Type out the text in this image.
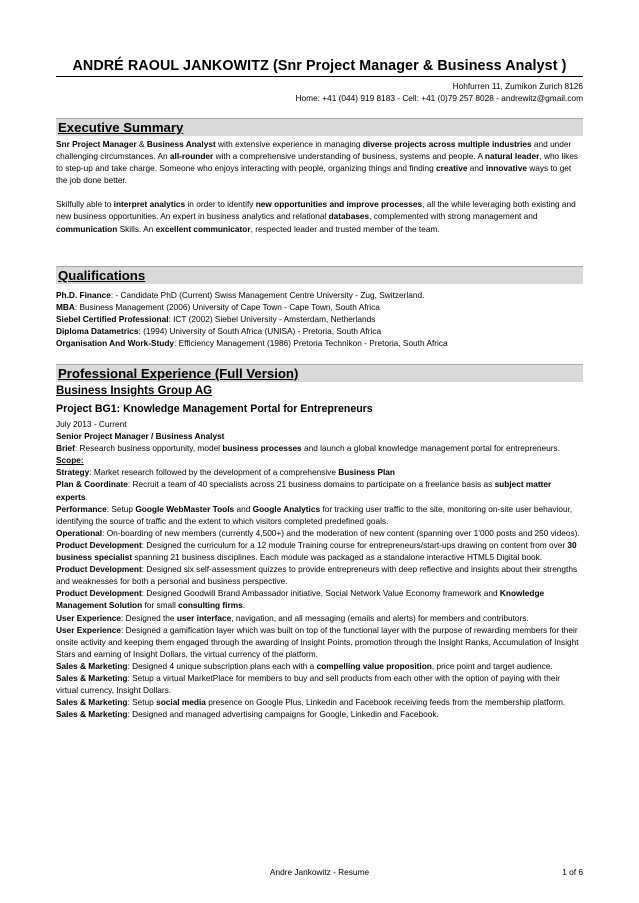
ANDRÉ RAOUL JANKOWITZ (Snr Project Manager & Business Analyst )
Hohfurren 11, Zumikon Zurich 8126
Home: +41 (044) 919 8183 - Cell: +41 (0)79 257 8028 - andrewitz@gmail.com
Executive Summary

Snr Project Manager & Business Analyst with extensive experience in managing diverse projects across multiple industries and under challenging circumstances. An all-rounder with a comprehensive understanding of business, systems and people. A natural leader, who likes to step-up and take charge. Someone who enjoys interacting with people, organizing things and finding creative and innovative ways to get the job done better.

Skilfully able to interpret analytics in order to identify new opportunities and improve processes, all the while leveraging both existing and new business opportunities. An expert in business analytics and relational databases, complemented with strong management and communication Skills. An excellent communicator, respected leader and trusted member of the team.

Qualifications

Ph.D. Finance: - Candidate PhD (Current) Swiss Management Centre University - Zug, Switzerland.

MBA: Business Management (2006) University of Cape Town - Cape Town, South Africa

Siebel Certified Professional: ICT (2002) Siebel University - Amsterdam, Netherlands

Diploma Datametrics: (1994) University of South Africa (UNISA) - Pretoria, South Africa

Organisation And Work-Study: Efficiency Management (1986) Pretoria Technikon - Pretoria, South Africa

Professional Experience (Full Version)
Business Insights Group AG
Project BG1: Knowledge Management Portal for Entrepreneurs

July 2013 - Current

Senior Project Manager / Business Analyst

Brief: Research business opportunity, model business processes and launch a global knowledge management portal for entrepreneurs.

Scope:

Strategy: Market research followed by the development of a comprehensive Business Plan

Plan & Coordinate: Recruit a team of 40 specialists across 21 business domains to participate on a freelance basis as subject matter experts.

Performance: Setup Google WebMaster Tools and Google Analytics for tracking user traffic to the site, monitoring on-site user behaviour, identifying the source of traffic and the extent to which visitors completed predefined goals.

Operational: On-boarding of new members (currently 4,500+) and the moderation of new content (spanning over 1’000 posts and 250 videos).

Product Development: Designed the curriculum for a 12 module Training course for entrepreneurs/start-ups drawing on content from over 30 business specialist spanning 21 business disciplines. Each module was packaged as a standalone interactive HTML5 Digital book.

Product Development: Designed six self-assessment quizzes to provide entrepreneurs with deep reflective and insights about their strengths and weaknesses for both a personal and business perspective.

Product Development: Designed Goodwill Brand Ambassador initiative, Social Network Value Economy framework and Knowledge Management Solution for small consulting firms.

User Experience: Designed the user interface, navigation, and all messaging (emails and alerts) for members and contributors.

User Experience: Designed a gamification layer which was built on top of the functional layer with the purpose of rewarding members for their onsite activity and keeping them engaged through the awarding of Insight Points, promotion through the Insight Ranks, Accumulation of Insight Stars and earning of Insight Dollars, the virtual currency of the platform.

Sales & Marketing: Designed 4 unique subscription plans each with a compelling value proposition, price point and target audience.

Sales & Marketing: Setup a virtual MarketPlace for members to buy and sell products from each other with the option of paying with their virtual currency, Insight Dollars.

Sales & Marketing: Setup social media presence on Google Plus, Linkedin and Facebook receiving feeds from the membership platform.

Sales & Marketing: Designed and managed advertising campaigns for Google, Linkedin and Facebook.

Andre Jankowitz - Resume	1 of 6
